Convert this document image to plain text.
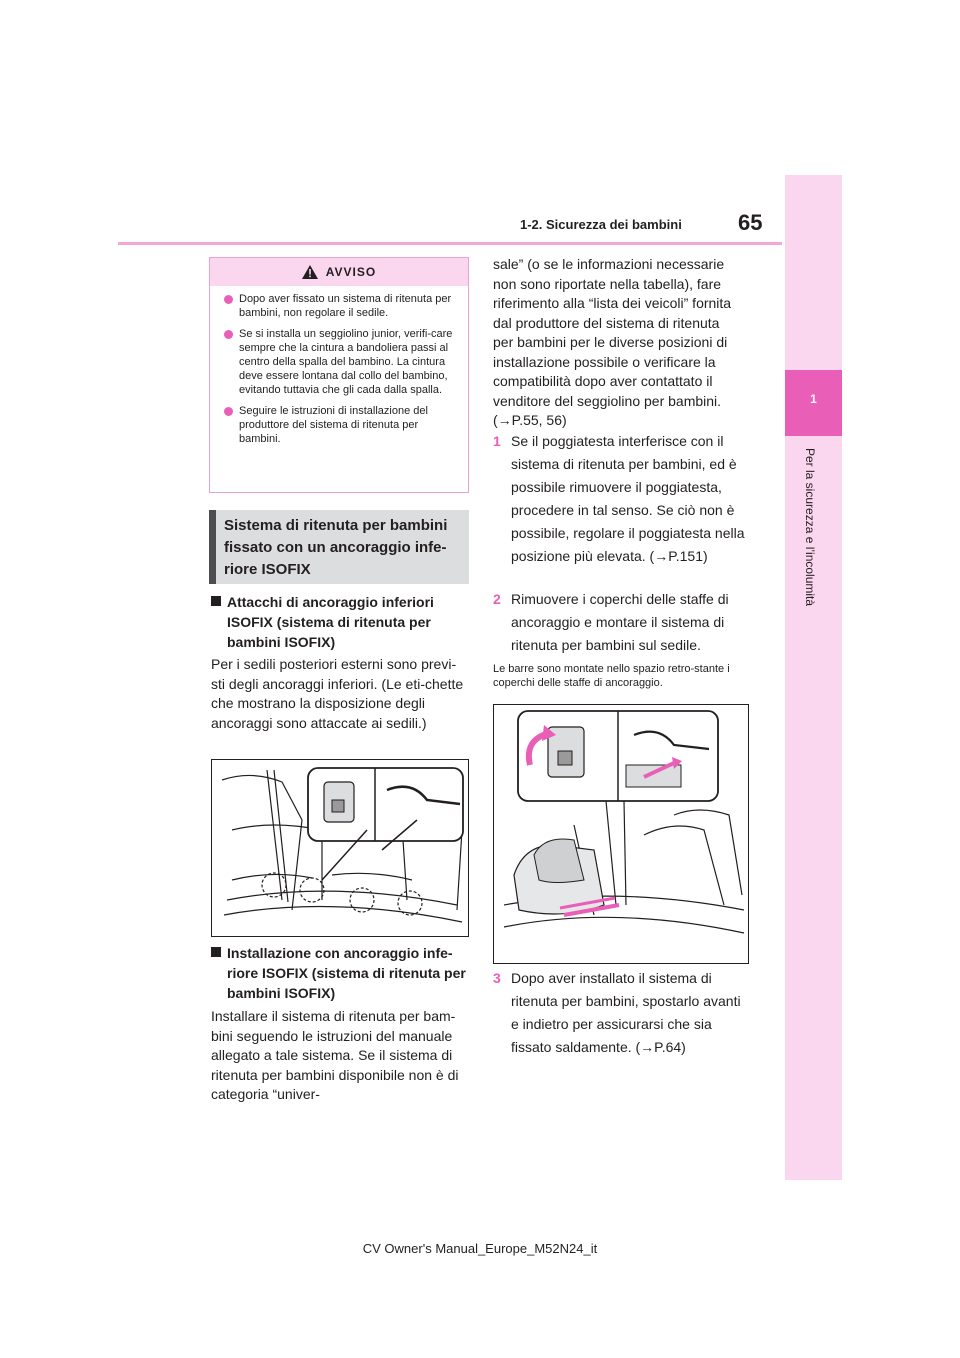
65
1-2. Sicurezza dei bambini
1
Per la sicurezza e l’incolumità
AVVISO
Dopo aver fissato un sistema di ritenuta per bambini, non regolare il sedile.
Se si installa un seggiolino junior, verifi-care sempre che la cintura a bandoliera passi al centro della spalla del bambino. La cintura deve essere lontana dal collo del bambino, evitando tuttavia che gli cada dalla spalla.
Seguire le istruzioni di installazione del produttore del sistema di ritenuta per bambini.
Sistema di ritenuta per bambini fissato con un ancoraggio infe-riore ISOFIX
Attacchi di ancoraggio inferiori ISOFIX (sistema di ritenuta per bambini ISOFIX)
Per i sedili posteriori esterni sono previ-sti degli ancoraggi inferiori. (Le eti-chette che mostrano la disposizione degli ancoraggi sono attaccate ai sedili.)
Installazione con ancoraggio infe-riore ISOFIX (sistema di ritenuta per bambini ISOFIX)
Installare il sistema di ritenuta per bam-bini seguendo le istruzioni del manuale allegato a tale sistema. Se il sistema di ritenuta per bambini disponibile non è di categoria “univer-
sale” (o se le informazioni necessarie non sono riportate nella tabella), fare riferimento alla “lista dei veicoli” fornita dal produttore del sistema di ritenuta per bambini per le diverse posizioni di installazione possibile o verificare la compatibilità dopo aver contattato il venditore del seggiolino per bambini. (→P.55, 56)
1 Se il poggiatesta interferisce con il sistema di ritenuta per bambini, ed è possibile rimuovere il poggiatesta, procedere in tal senso. Se ciò non è possibile, regolare il poggiatesta nella posizione più elevata. (→P.151)
2 Rimuovere i coperchi delle staffe di ancoraggio e montare il sistema di ritenuta per bambini sul sedile.
Le barre sono montate nello spazio retro-stante i coperchi delle staffe di ancoraggio.
3 Dopo aver installato il sistema di ritenuta per bambini, spostarlo avanti e indietro per assicurarsi che sia fissato saldamente. (→P.64)
CV Owner's Manual_Europe_M52N24_it
